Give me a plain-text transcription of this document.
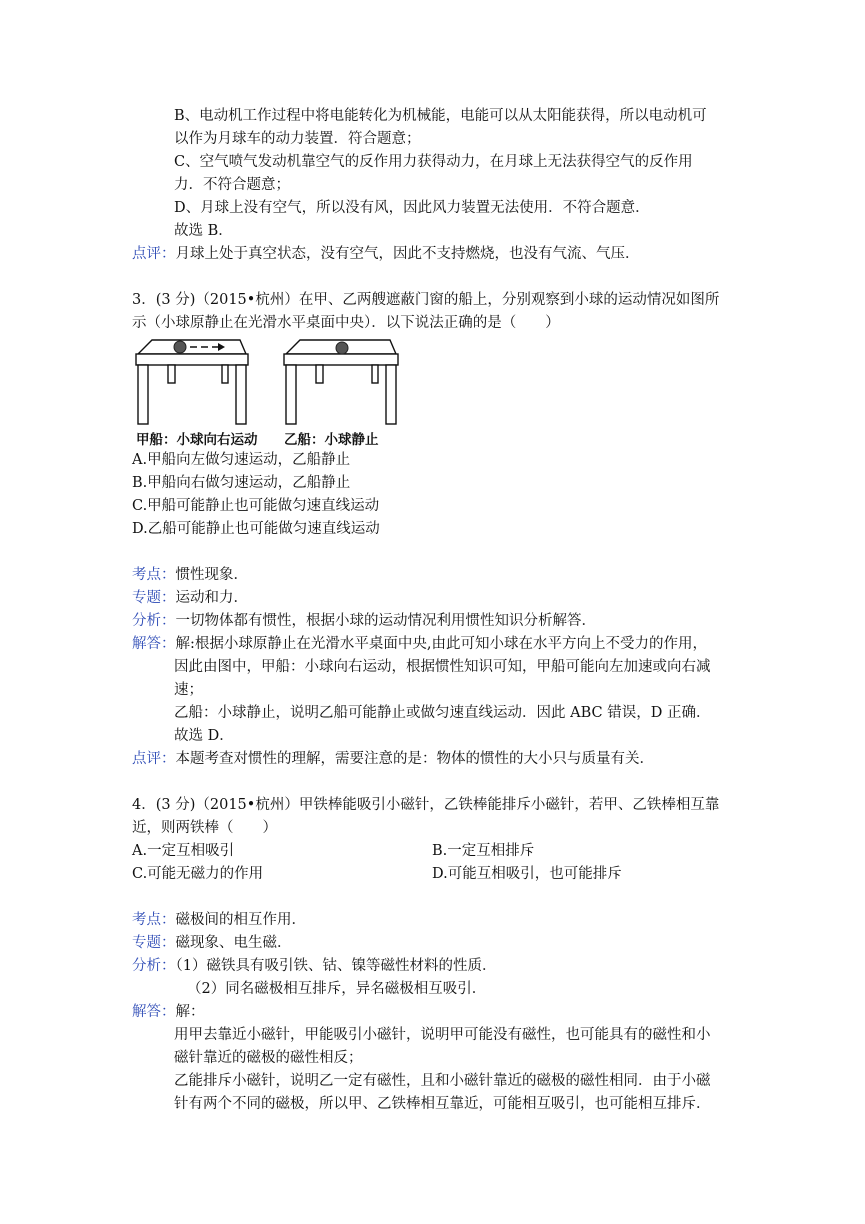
B、电动机工作过程中将电能转化为机械能，电能可以从太阳能获得，所以电动机可
以作为月球车的动力装置．符合题意；
C、空气喷气发动机靠空气的反作用力获得动力，在月球上无法获得空气的反作用
力．不符合题意；
D、月球上没有空气，所以没有风，因此风力装置无法使用．不符合题意．
故选 B．
点评：月球上处于真空状态，没有空气，因此不支持燃烧，也没有气流、气压．
3．(3 分)（2015•杭州）在甲、乙两艘遮蔽门窗的船上，分别观察到小球的运动情况如图所
示（小球原静止在光滑水平桌面中央）．以下说法正确的是（　　）
甲船：小球向右运动 乙船：小球静止
A.甲船向左做匀速运动，乙船静止
B.甲船向右做匀速运动，乙船静止
C.甲船可能静止也可能做匀速直线运动
D.乙船可能静止也可能做匀速直线运动
考点：惯性现象．
专题：运动和力．
分析：一切物体都有惯性，根据小球的运动情况利用惯性知识分析解答．
解答：解:根据小球原静止在光滑水平桌面中央,由此可知小球在水平方向上不受力的作用，
因此由图中，甲船：小球向右运动，根据惯性知识可知，甲船可能向左加速或向右减
速；
乙船：小球静止，说明乙船可能静止或做匀速直线运动．因此 ABC 错误，D 正确．
故选 D．
点评：本题考查对惯性的理解，需要注意的是：物体的惯性的大小只与质量有关．
4．(3 分)（2015•杭州）甲铁棒能吸引小磁针，乙铁棒能排斥小磁针，若甲、乙铁棒相互靠
近，则两铁棒（　　）
A.一定互相吸引	B.一定互相排斥
C.可能无磁力的作用	D.可能互相吸引，也可能排斥
考点：磁极间的相互作用．
专题：磁现象、电生磁．
分析：（1）磁铁具有吸引铁、钴、镍等磁性材料的性质．
（2）同名磁极相互排斥，异名磁极相互吸引．
解答：解：
用甲去靠近小磁针，甲能吸引小磁针，说明甲可能没有磁性，也可能具有的磁性和小
磁针靠近的磁极的磁性相反；
乙能排斥小磁针，说明乙一定有磁性，且和小磁针靠近的磁极的磁性相同．由于小磁
针有两个不同的磁极，所以甲、乙铁棒相互靠近，可能相互吸引，也可能相互排斥．
